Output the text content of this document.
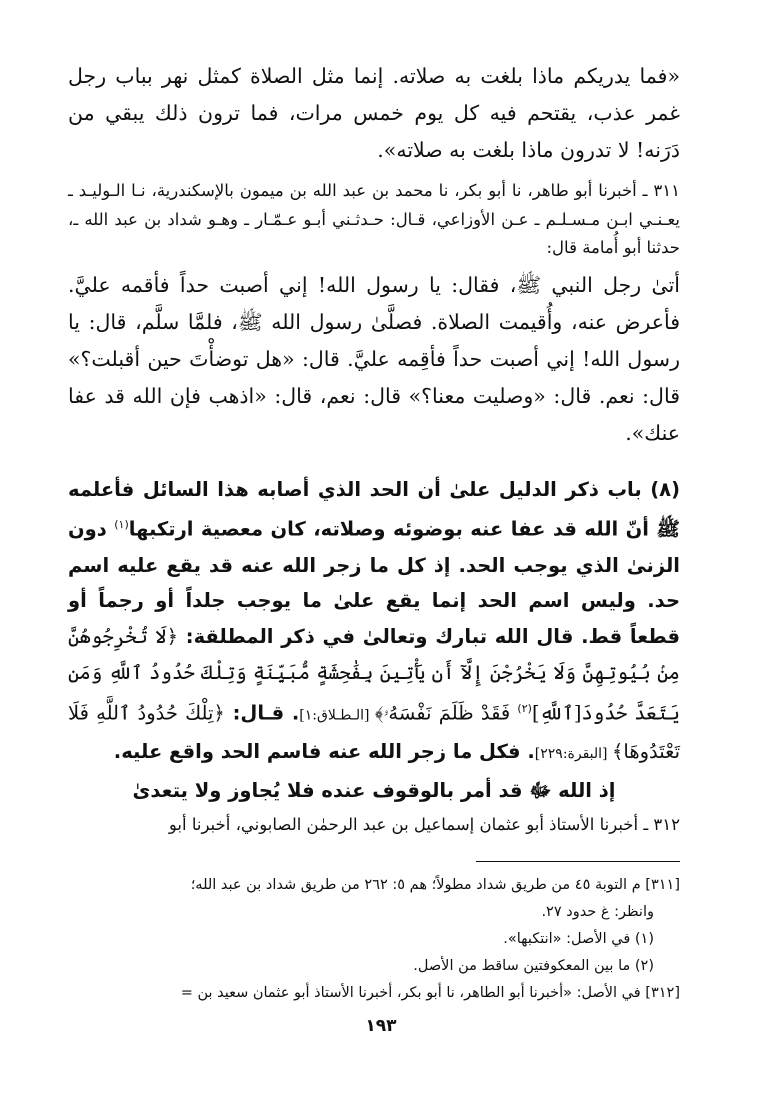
«فما يدريكم ماذا بلغت به صلاته. إنما مثل الصلاة كمثل نهر بباب رجل غمر عذب، يقتحم فيه كل يوم خمس مرات، فما ترون ذلك يبقي من دَرَنه! لا تدرون ماذا بلغت به صلاته».

٣١١ ـ أخبرنا أبو طاهر، نا أبو بكر، نا محمد بن عبد الله بن ميمون بالإسكندرية، نـا الـوليـد ـ يعـنـي ابـن مـسـلـم ـ عـن الأوزاعي، قـال: حـدثـني أبـو عـمّـار ـ وهـو شداد بن عبد الله ـ، حدثنا أبو أُمامة قال:

أتىٰ رجل النبي ﷺ، فقال: يا رسول الله! إني أصبت حداً فأقمه عليَّ. فأعرض عنه، وأُقيمت الصلاة. فصلَّىٰ رسول الله ﷺ، فلمَّا سلَّم، قال: يا رسول الله! إني أصبت حداً فأقِمه عليَّ. قال: «هل توضأْتَ حين أقبلت؟» قال: نعم. قال: «وصليت معنا؟» قال: نعم، قال: «اذهب فإن الله قد عفا عنك».

(٨) باب ذكر الدليل علىٰ أن الحد الذي أصابه هذا السائل فأعلمه ﷺ أنّ الله قد عفا عنه بوضوئه وصلاته، كان معصية ارتكبها$^{(١)}$ دون الزنىٰ الذي يوجب الحد. إذ كل ما زجر الله عنه قد يقع عليه اسم حد. وليس اسم الحد إنما يقع علىٰ ما يوجب جلداً أو رجماً أو قطعاً قط. قال الله تبارك وتعالىٰ في ذكر المطلقة: ﴿لَا تُخْرِجُوهُنَّ مِنۢ بُيُوتِهِنَّ وَلَا يَخْرُجْنَ إِلَّآ أَن يَأْتِينَ بِفَٰحِشَةٍ مُّبَيِّنَةٍ وَتِلْكَ حُدُودُ ٱللَّهِ وَمَن يَتَعَدَّ حُدُودَ[ٱللَّهِ]$^{(٢)}$ فَقَدْ ظَلَمَ نَفْسَهُۥ﴾ [الـطـلاق:١]. قـال: ﴿تِلْكَ حُدُودُ ٱللَّهِ فَلَا تَعْتَدُوهَا﴾ [البقرة:٢٢٩]. فكل ما زجر الله عنه فاسم الحد واقع عليه.
إذ الله ﷻ قد أمر بالوقوف عنده فلا يُجاوز ولا يتعدىٰ

٣١٢ ـ أخبرنا الأستاذ أبو عثمان إسماعيل بن عبد الرحمٰن الصابوني، أخبرنا أبو

[٣١١] م التوبة ٤٥ من طريق شداد مطولاً؛ هم ٥: ٢٦٢ من طريق شداد بن عبد الله؛
وانظر: غ حدود ٢٧.
(١) في الأصل: «انتكبها».
(٢) ما بين المعكوفتين ساقط من الأصل.
[٣١٢] في الأصل: «أخبرنا أبو الطاهر، نا أبو بكر، أخبرنا الأستاذ أبو عثمان سعيد بن =
١٩٣
